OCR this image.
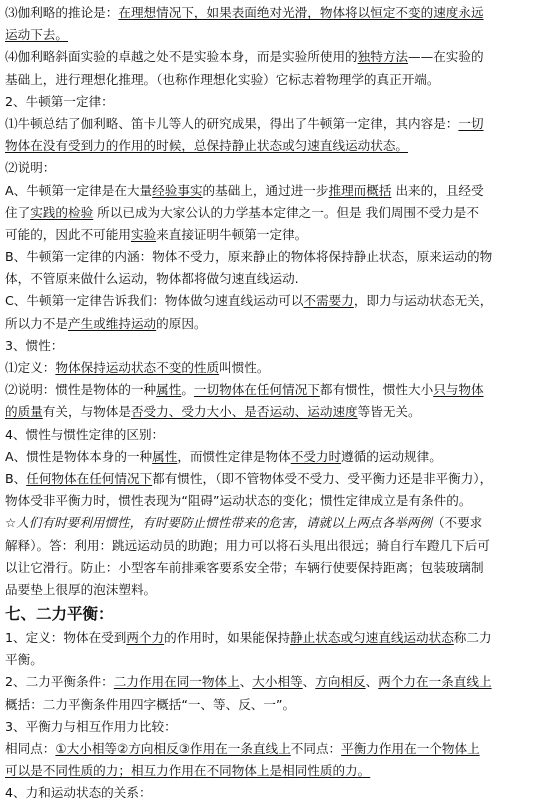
⑶伽利略的推论是：在理想情况下，如果表面绝对光滑，物体将以恒定不变的速度永远
运动下去。
⑷伽利略斜面实验的卓越之处不是实验本身，而是实验所使用的独特方法——在实验的
基础上，进行理想化推理。（也称作理想化实验）它标志着物理学的真正开端。
2、牛顿第一定律：
⑴牛顿总结了伽利略、笛卡儿等人的研究成果，得出了牛顿第一定律，其内容是：一切
物体在没有受到力的作用的时候，总保持静止状态或匀速直线运动状态。
⑵说明：
A、牛顿第一定律是在大量经验事实的基础上，通过进一步推理而概括 出来的，且经受
住了实践的检验 所以已成为大家公认的力学基本定律之一。但是 我们周围不受力是不
可能的，因此不可能用实验来直接证明牛顿第一定律。
B、牛顿第一定律的内涵：物体不受力，原来静止的物体将保持静止状态，原来运动的物
体，不管原来做什么运动，物体都将做匀速直线运动.
C、牛顿第一定律告诉我们：物体做匀速直线运动可以不需要力，即力与运动状态无关，
所以力不是产生或维持运动的原因。
3、惯性：
⑴定义：物体保持运动状态不变的性质叫惯性。
⑵说明：惯性是物体的一种属性。一切物体在任何情况下都有惯性，惯性大小只与物体
的质量有关，与物体是否受力、受力大小、是否运动、运动速度等皆无关。
4、惯性与惯性定律的区别：
A、惯性是物体本身的一种属性，而惯性定律是物体不受力时遵循的运动规律。
B、任何物体在任何情况下都有惯性，（即不管物体受不受力、受平衡力还是非平衡力），
物体受非平衡力时，惯性表现为“阻碍”运动状态的变化；惯性定律成立是有条件的。
☆人们有时要利用惯性，有时要防止惯性带来的危害，请就以上两点各举两例（不要求
解释）。答：利用：跳远运动员的助跑；用力可以将石头甩出很远；骑自行车蹬几下后可
以让它滑行。防止：小型客车前排乘客要系安全带；车辆行使要保持距离；包装玻璃制
品要垫上很厚的泡沫塑料。
七、二力平衡：
1、定义：物体在受到两个力的作用时，如果能保持静止状态或匀速直线运动状态称二力
平衡。
2、二力平衡条件：二力作用在同一物体上、大小相等、方向相反、两个力在一条直线上
概括：二力平衡条件用四字概括“一、等、反、一”。
3、平衡力与相互作用力比较：
相同点：①大小相等②方向相反③作用在一条直线上不同点：平衡力作用在一个物体上
可以是不同性质的力；相互力作用在不同物体上是相同性质的力。
4、力和运动状态的关系：
